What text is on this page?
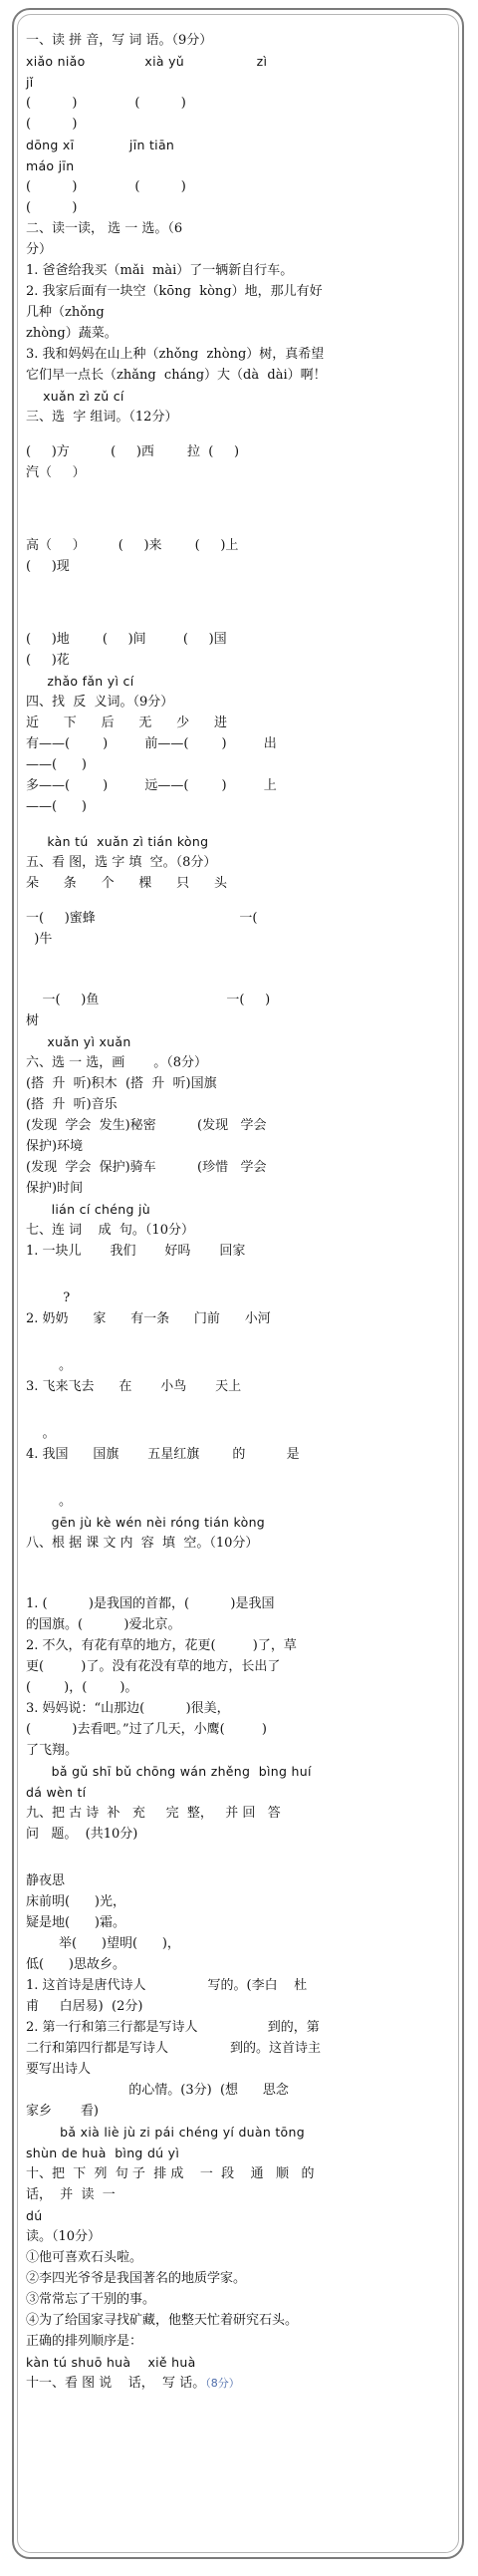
一、读 拼 音，写 词 语。（9分）
xiǎo niǎo              xià yǔ                 zì
jǐ
(          )              (          )
(          )
dōng xī             jīn tiān
máo jīn
(          )              (          )
(          )
二、读一读， 选 一 选。（6
分）
1. 爸爸给我买（mǎi  mài）了一辆新自行车。
2. 我家后面有一块空（kōng  kòng）地，那儿有好
几种（zhǒng
zhòng）蔬菜。
3. 我和妈妈在山上种（zhǒng  zhòng）树，真希望
它们早一点长（zhǎng  cháng）大（dà  dài）啊！
xuǎn zì zǔ cí
三、选  字 组词。（12分）
(     )方          (     )西        拉  (     )
汽（     ）
高（     ）        (     )来        (     )上
(     )现
(     )地        (     )间         (     )国
(     )花
zhǎo fǎn yì cí
四、找  反  义词。（9分）
近      下      后      无      少      进
有——(        )         前——(        )         出
——(      )
多——(        )         远——(        )         上
——(      )
kàn tú  xuǎn zì tián kòng
五、看 图，选 字 填  空。（8分）
朵      条      个      棵      只      头
一(     )蜜蜂                                   一(
)牛
一(     )鱼                               一(     )
树
xuǎn yì xuǎn
六、选 一 选，画       。（8分）
(搭  升  听)积木  (搭  升  听)国旗
(搭  升  听)音乐
(发现  学会  发生)秘密          (发现   学会
保护)环境
(发现  学会  保护)骑车          (珍惜   学会
保护)时间
lián cí chéng jù
七、连 词    成  句。（10分）
1. 一块儿       我们       好吗       回家
?
2. 奶奶      家      有一条      门前      小河
。
3. 飞来飞去      在       小鸟       天上
。
4. 我国      国旗       五星红旗        的          是
。
gēn jù kè wén nèi róng tián kòng
八、根 据 课 文 内  容  填  空。（10分）
1. (          )是我国的首都，(          )是我国
的国旗。(          )爱北京。
2. 不久，有花有草的地方，花更(         )了，草
更(         )了。没有花没有草的地方，长出了
(        )，(        )。
3. 妈妈说：“山那边(          )很美，
(          )去看吧。”过了几天，小鹰(         )
了飞翔。
bǎ gǔ shī bǔ chōng wán zhěng  bìng huí
dá wèn tí
九、把 古 诗  补   充     完  整，   并 回   答
问   题。  (共10分)
静夜思
床前明(      )光，
疑是地(      )霜。
举(      )望明(      )，
低(      )思故乡。
1. 这首诗是唐代诗人               写的。(李白    杜
甫     白居易)  (2分)
2. 第一行和第三行都是写诗人                 到的，第
二行和第四行都是写诗人               到的。这首诗主
要写出诗人
的心情。(3分)  (想      思念
家乡       看)
bǎ xià liè jù zi pái chéng yí duàn tōng
shùn de huà  bìng dú yì
十、把  下  列  句 子  排 成    一  段    通   顺   的
话，  并  读  一
dú
读。（10分）
①他可喜欢石头啦。
②李四光爷爷是我国著名的地质学家。
③常常忘了干别的事。
④为了给国家寻找矿藏，他整天忙着研究石头。
正确的排列顺序是：
kàn tú shuō huà    xiě huà
十一、看 图 说    话，  写 话。（8分）
